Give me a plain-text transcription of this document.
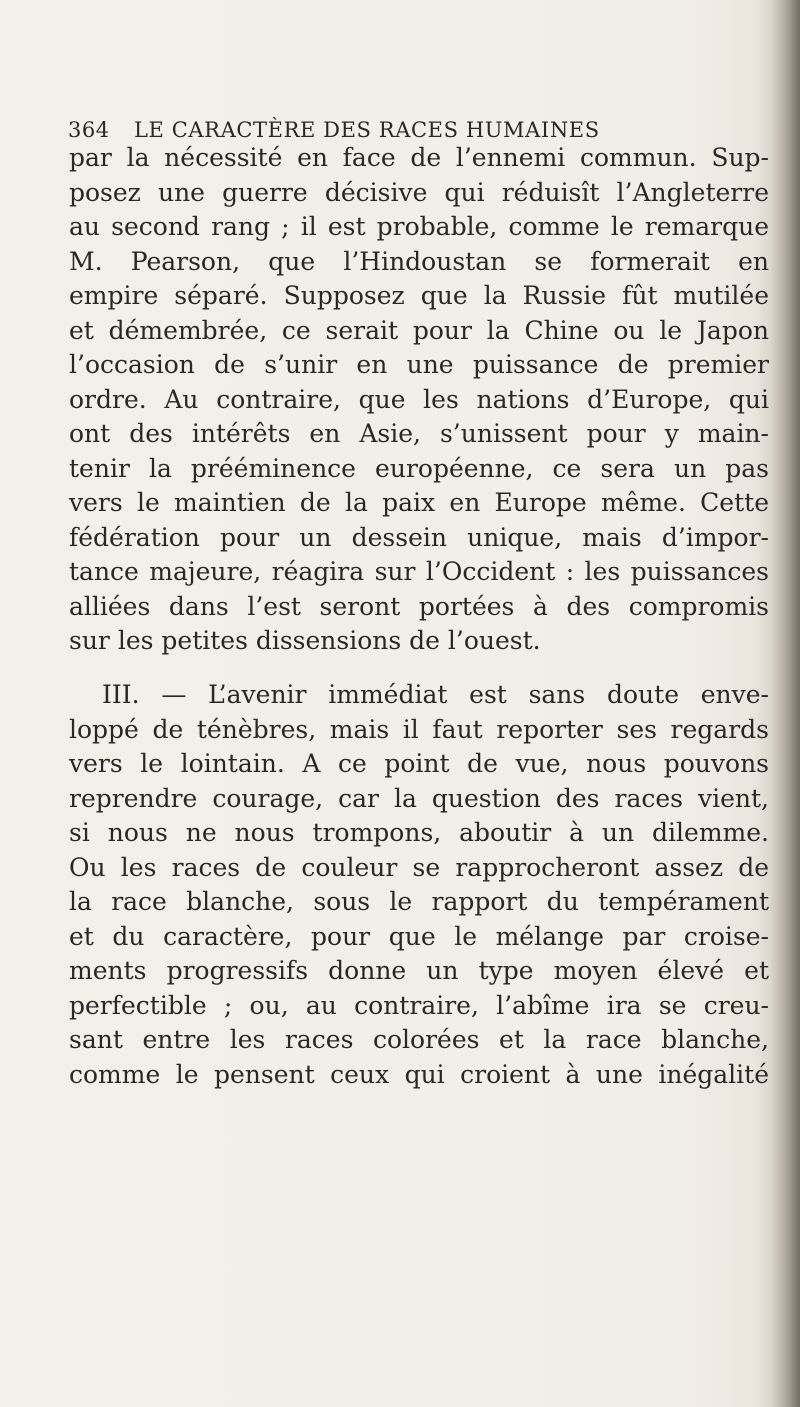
364 LE CARACTÈRE DES RACES HUMAINES
par la nécessité en face de l’ennemi commun. Sup-
posez une guerre décisive qui réduisît l’Angleterre
au second rang ; il est probable, comme le remarque
M. Pearson, que l’Hindoustan se formerait en
empire séparé. Supposez que la Russie fût mutilée
et démembrée, ce serait pour la Chine ou le Japon
l’occasion de s’unir en une puissance de premier
ordre. Au contraire, que les nations d’Europe, qui
ont des intérêts en Asie, s’unissent pour y main-
tenir la prééminence européenne, ce sera un pas
vers le maintien de la paix en Europe même. Cette
fédération pour un dessein unique, mais d’impor-
tance majeure, réagira sur l’Occident : les puissances
alliées dans l’est seront portées à des compromis
sur les petites dissensions de l’ouest.
III. — L’avenir immédiat est sans doute enve-
loppé de ténèbres, mais il faut reporter ses regards
vers le lointain. A ce point de vue, nous pouvons
reprendre courage, car la question des races vient,
si nous ne nous trompons, aboutir à un dilemme.
Ou les races de couleur se rapprocheront assez de
la race blanche, sous le rapport du tempérament
et du caractère, pour que le mélange par croise-
ments progressifs donne un type moyen élevé et
perfectible ; ou, au contraire, l’abîme ira se creu-
sant entre les races colorées et la race blanche,
comme le pensent ceux qui croient à une inégalité
